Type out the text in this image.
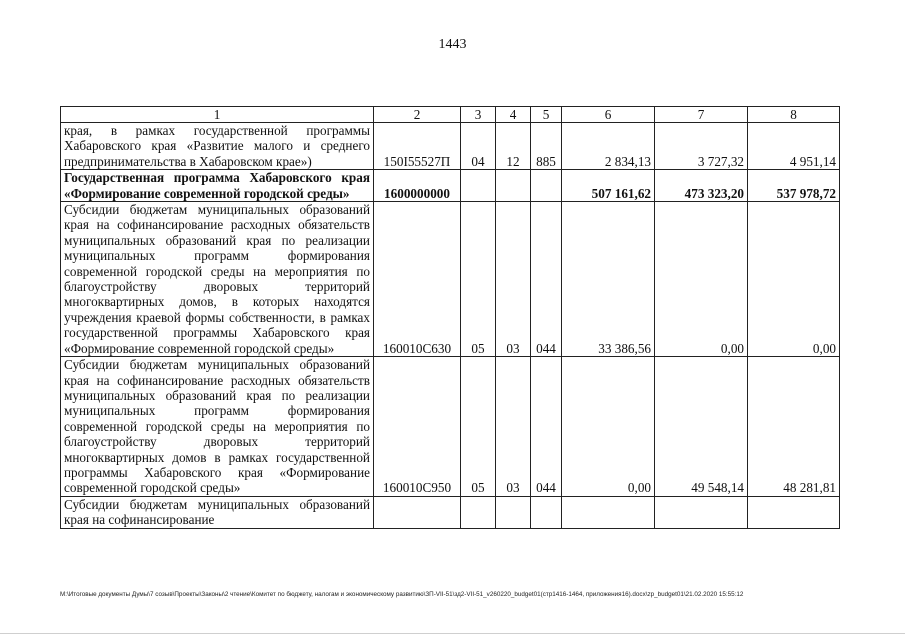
1443
1	2	3	4	5	6	7	8
края, в рамках государственной программы Хабаровского края «Развитие малого и среднего предпринимательства в Хабаровском крае»)	150I55527П	04	12	885	2 834,13	3 727,32	4 951,14
Государственная программа Хабаровского края «Формирование современной городской среды»	1600000000				507 161,62	473 323,20	537 978,72
Субсидии бюджетам муниципальных образований края на софинансирование расходных обязательств муниципальных образований края по реализации муниципальных программ формирования современной городской среды на мероприятия по благоустройству дворовых территорий многоквартирных домов, в которых находятся учреждения краевой формы собственности, в рамках государственной программы Хабаровского края «Формирование современной городской среды»	160010С630	05	03	044	33 386,56	0,00	0,00
Субсидии бюджетам муниципальных образований края на софинансирование расходных обязательств муниципальных образований края по реализации муниципальных программ формирования современной городской среды на мероприятия по благоустройству дворовых территорий многоквартирных домов в рамках государственной программы Хабаровского края «Формирование современной городской среды»	160010С950	05	03	044	0,00	49 548,14	48 281,81
Субсидии бюджетам муниципальных образований края на софинансирование							
M:\Итоговые документы Думы\7 созыв\Проекты\Законы\2 чтение\Комитет по бюджету, налогам и экономическому развитию\ЗП-VII-51\зд2-VII-51_v260220_budget01(стр1416-1464, приложения16).docx\zp_budget01\21.02.2020 15:55:12
